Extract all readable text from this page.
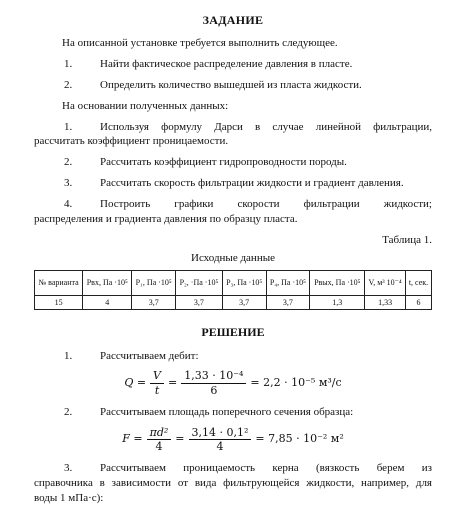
ЗАДАНИЕ

На описанной установке требуется выполнить следующее.

1.	Найти фактическое распределение давления в пласте.
2.	Определить количество вышедшей из пласта жидкости.

На основании полученных данных:

1.	Используя формулу Дарси в случае линейной фильтрации,
рассчитать коэффициент проницаемости.
2.	Рассчитать коэффициент гидропроводности породы.
3.	Рассчитать скорость фильтрации жидкости и градиент давления.
4.	Построить графики скорости фильтрации жидкости;
распределения и градиента давления по образцу пласта.
Таблица 1.
Исходные данные
№ варианта	Pвх, Па ·10⁵	P₁, Па ·10⁵	P₂, ·Па ·10⁵	P₃, Па ·10⁵	P₄, Па ·10⁵	Pвых, Па ·10⁵	V, м³ 10⁻⁴	t, сек.
15	4	3,7	3,7	3,7	3,7	1,3	1,33	6
РЕШЕНИЕ
1.	Рассчитываем дебит:
$Q = \frac{V}{t} = \frac{\text{1,33 · 10⁻⁴}}{6} = 2,2 \cdot 10^{-5}$ м³/с
2.	Рассчитываем площадь поперечного сечения образца:
$F = \frac{\text{πd²}}{4} = \frac{\text{3,14 · 0,1²}}{4} = 7,85 \cdot 10^{-2}$ м²
3.	Рассчитываем проницаемость керна (вязкость берем из
справочника в зависимости от вида фильтрующейся жидкости, например, для
воды 1 мПа·с):
